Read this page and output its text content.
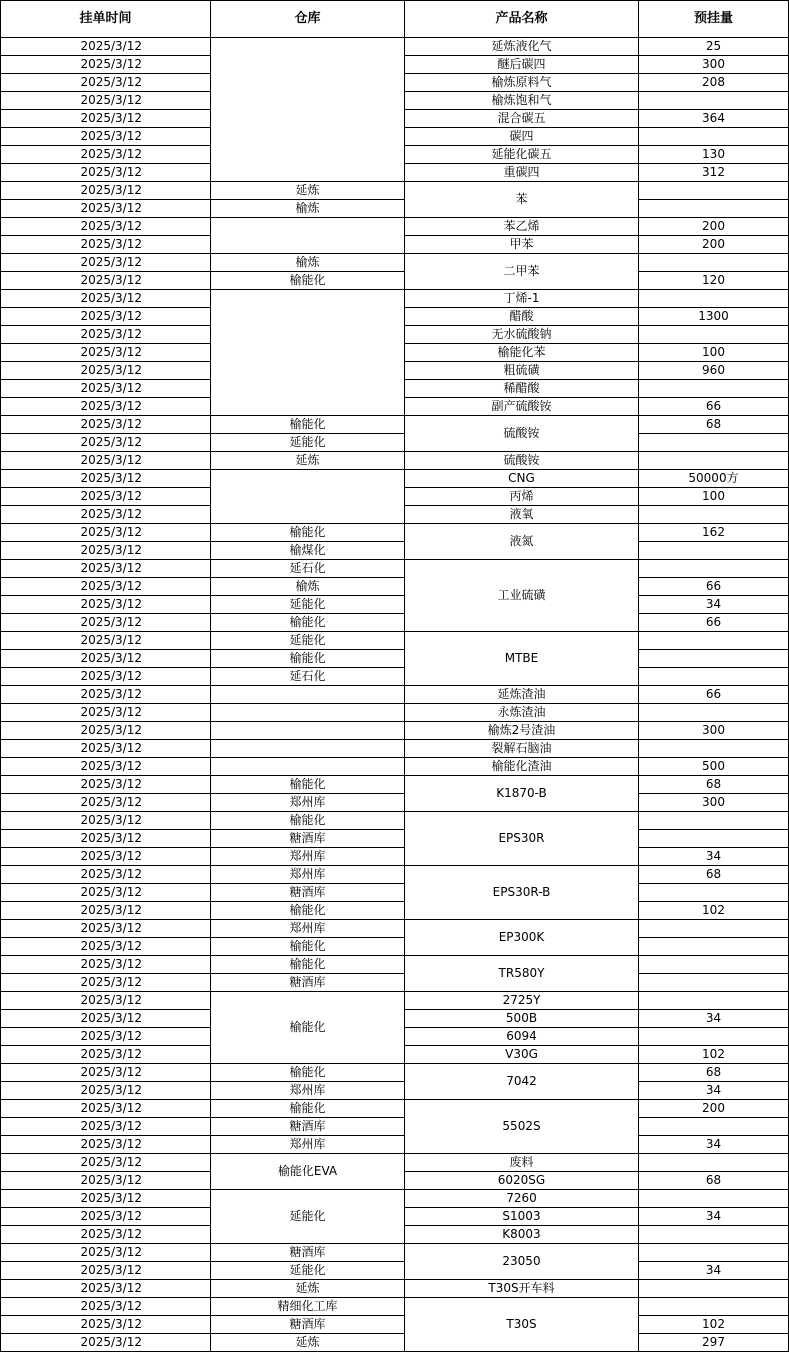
挂单时间	仓库	产品名称	预挂量
2025/3/12		延炼液化气	25
2025/3/12		醚后碳四	300
2025/3/12		榆炼原料气	208
2025/3/12		榆炼饱和气	
2025/3/12		混合碳五	364
2025/3/12		碳四	
2025/3/12		延能化碳五	130
2025/3/12		重碳四	312
2025/3/12	延炼	苯	
2025/3/12	榆炼		
2025/3/12		苯乙烯	200
2025/3/12		甲苯	200
2025/3/12	榆炼	二甲苯	
2025/3/12	榆能化		120
2025/3/12		丁烯-1	
2025/3/12		醋酸	1300
2025/3/12		无水硫酸钠	
2025/3/12		榆能化苯	100
2025/3/12		粗硫磺	960
2025/3/12		稀醋酸	
2025/3/12		副产硫酸铵	66
2025/3/12	榆能化	硫酸铵	68
2025/3/12	延能化		
2025/3/12	延炼	硫酸铵	
2025/3/12		CNG	50000方
2025/3/12		丙烯	100
2025/3/12		液氧	
2025/3/12	榆能化	液氮	162
2025/3/12	榆煤化		
2025/3/12	延石化	工业硫磺	
2025/3/12	榆炼		66
2025/3/12	延能化		34
2025/3/12	榆能化		66
2025/3/12	延能化	MTBE	
2025/3/12	榆能化		
2025/3/12	延石化		
2025/3/12		延炼渣油	66
2025/3/12		永炼渣油	
2025/3/12		榆炼2号渣油	300
2025/3/12		裂解石脑油	
2025/3/12		榆能化渣油	500
2025/3/12	榆能化	K1870-B	68
2025/3/12	郑州库		300
2025/3/12	榆能化	EPS30R	
2025/3/12	糖酒库		
2025/3/12	郑州库		34
2025/3/12	郑州库	EPS30R-B	68
2025/3/12	糖酒库		
2025/3/12	榆能化		102
2025/3/12	郑州库	EP300K	
2025/3/12	榆能化		
2025/3/12	榆能化	TR580Y	
2025/3/12	糖酒库		
2025/3/12	榆能化	2725Y	
2025/3/12		500B	34
2025/3/12		6094	
2025/3/12		V30G	102
2025/3/12	榆能化	7042	68
2025/3/12	郑州库		34
2025/3/12	榆能化	5502S	200
2025/3/12	糖酒库		
2025/3/12	郑州库		34
2025/3/12	榆能化EVA	废料	
2025/3/12		6020SG	68
2025/3/12	延能化	7260	
2025/3/12		S1003	34
2025/3/12		K8003	
2025/3/12	糖酒库	23050	
2025/3/12	延能化		34
2025/3/12	延炼	T30S开车料	
2025/3/12	精细化工库	T30S	
2025/3/12	糖酒库		102
2025/3/12	延炼		297
